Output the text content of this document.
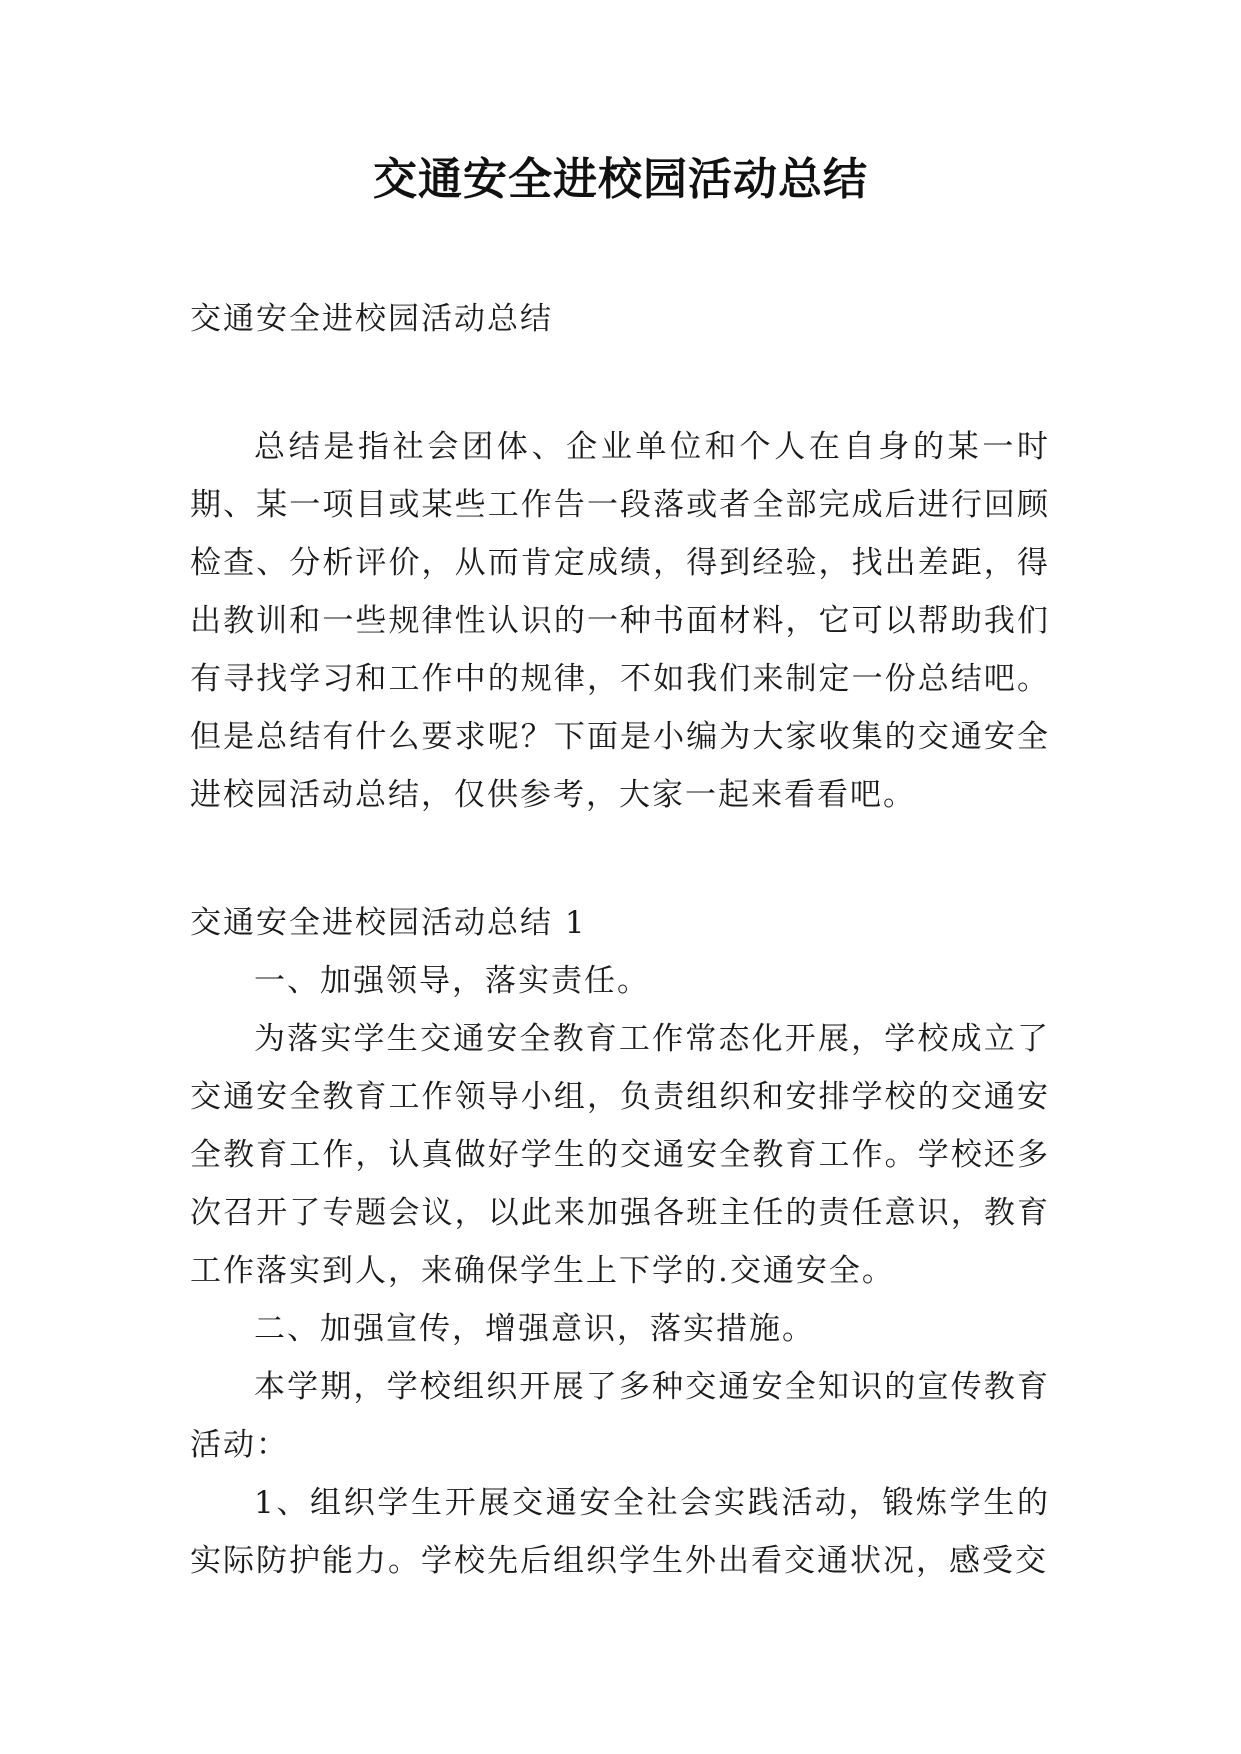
交通安全进校园活动总结

交通安全进校园活动总结

总结是指社会团体、企业单位和个人在自身的某一时期、某一项目或某些工作告一段落或者全部完成后进行回顾检查、分析评价，从而肯定成绩，得到经验，找出差距，得出教训和一些规律性认识的一种书面材料，它可以帮助我们有寻找学习和工作中的规律，不如我们来制定一份总结吧。但是总结有什么要求呢？下面是小编为大家收集的交通安全进校园活动总结，仅供参考，大家一起来看看吧。

交通安全进校园活动总结 1

一、加强领导，落实责任。

为落实学生交通安全教育工作常态化开展，学校成立了交通安全教育工作领导小组，负责组织和安排学校的交通安全教育工作，认真做好学生的交通安全教育工作。学校还多次召开了专题会议，以此来加强各班主任的责任意识，教育工作落实到人，来确保学生上下学的.交通安全。

二、加强宣传，增强意识，落实措施。

本学期，学校组织开展了多种交通安全知识的宣传教育活动：

1、组织学生开展交通安全社会实践活动，锻炼学生的实际防护能力。学校先后组织学生外出看交通状况，感受交
